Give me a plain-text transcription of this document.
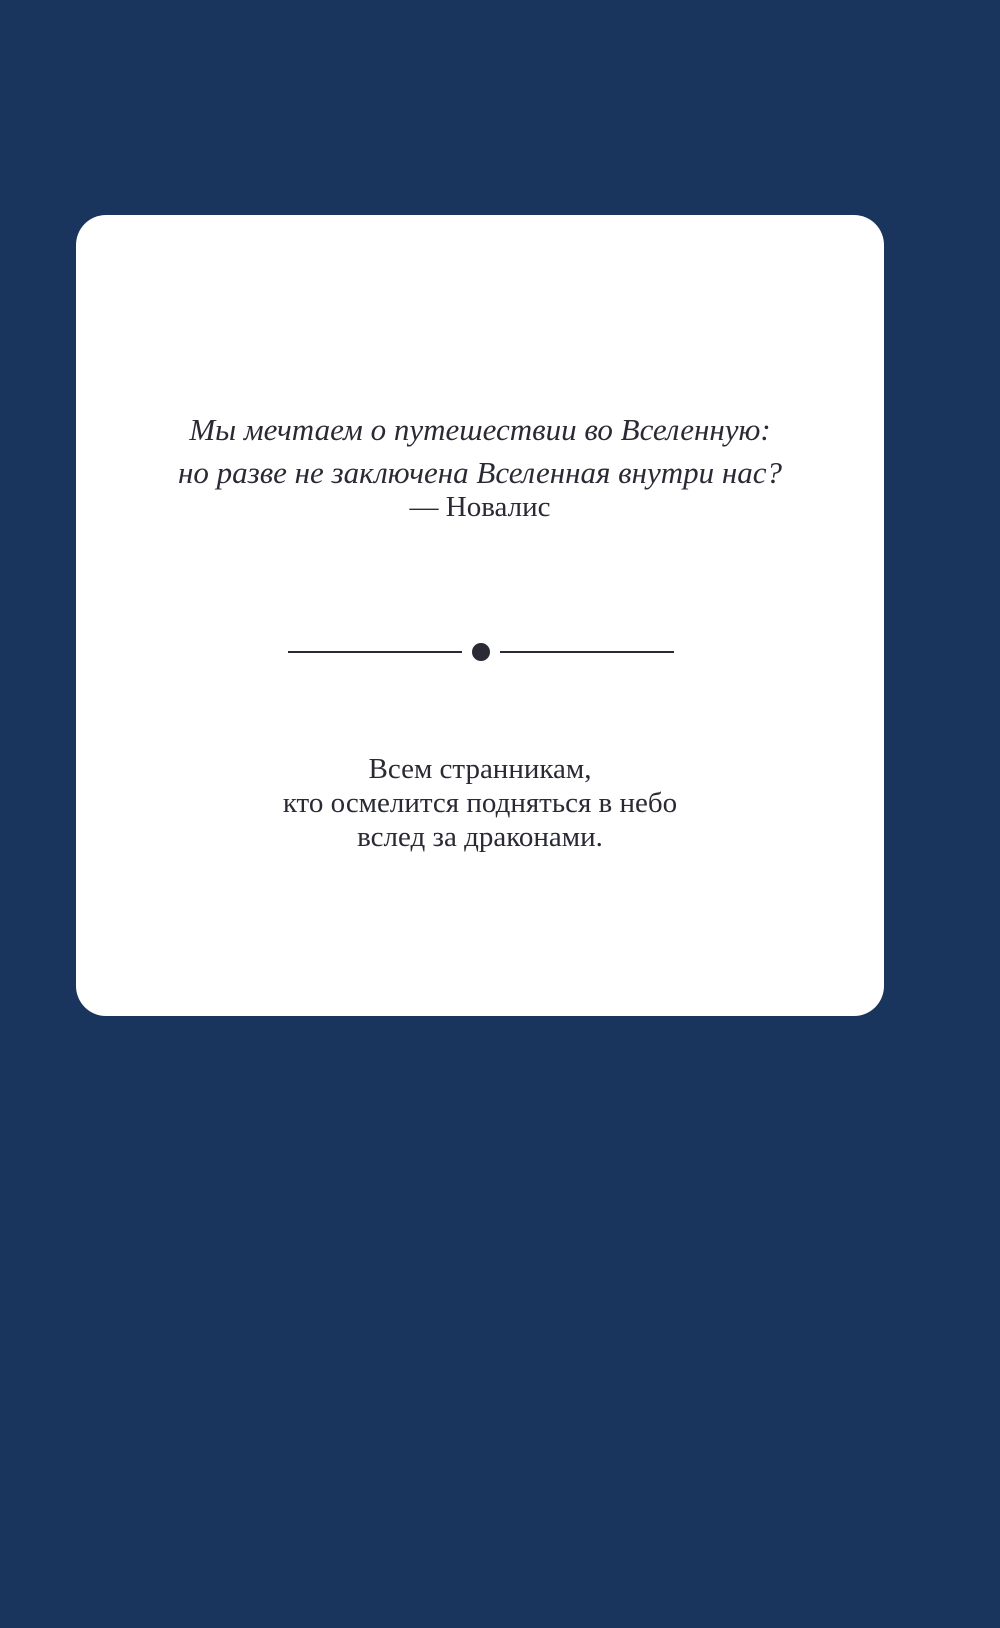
Мы мечтаем о путешествии во Вселенную:
но разве не заключена Вселенная внутри нас?
— Новалис
Всем странникам,
кто осмелится подняться в небо
вслед за драконами.
